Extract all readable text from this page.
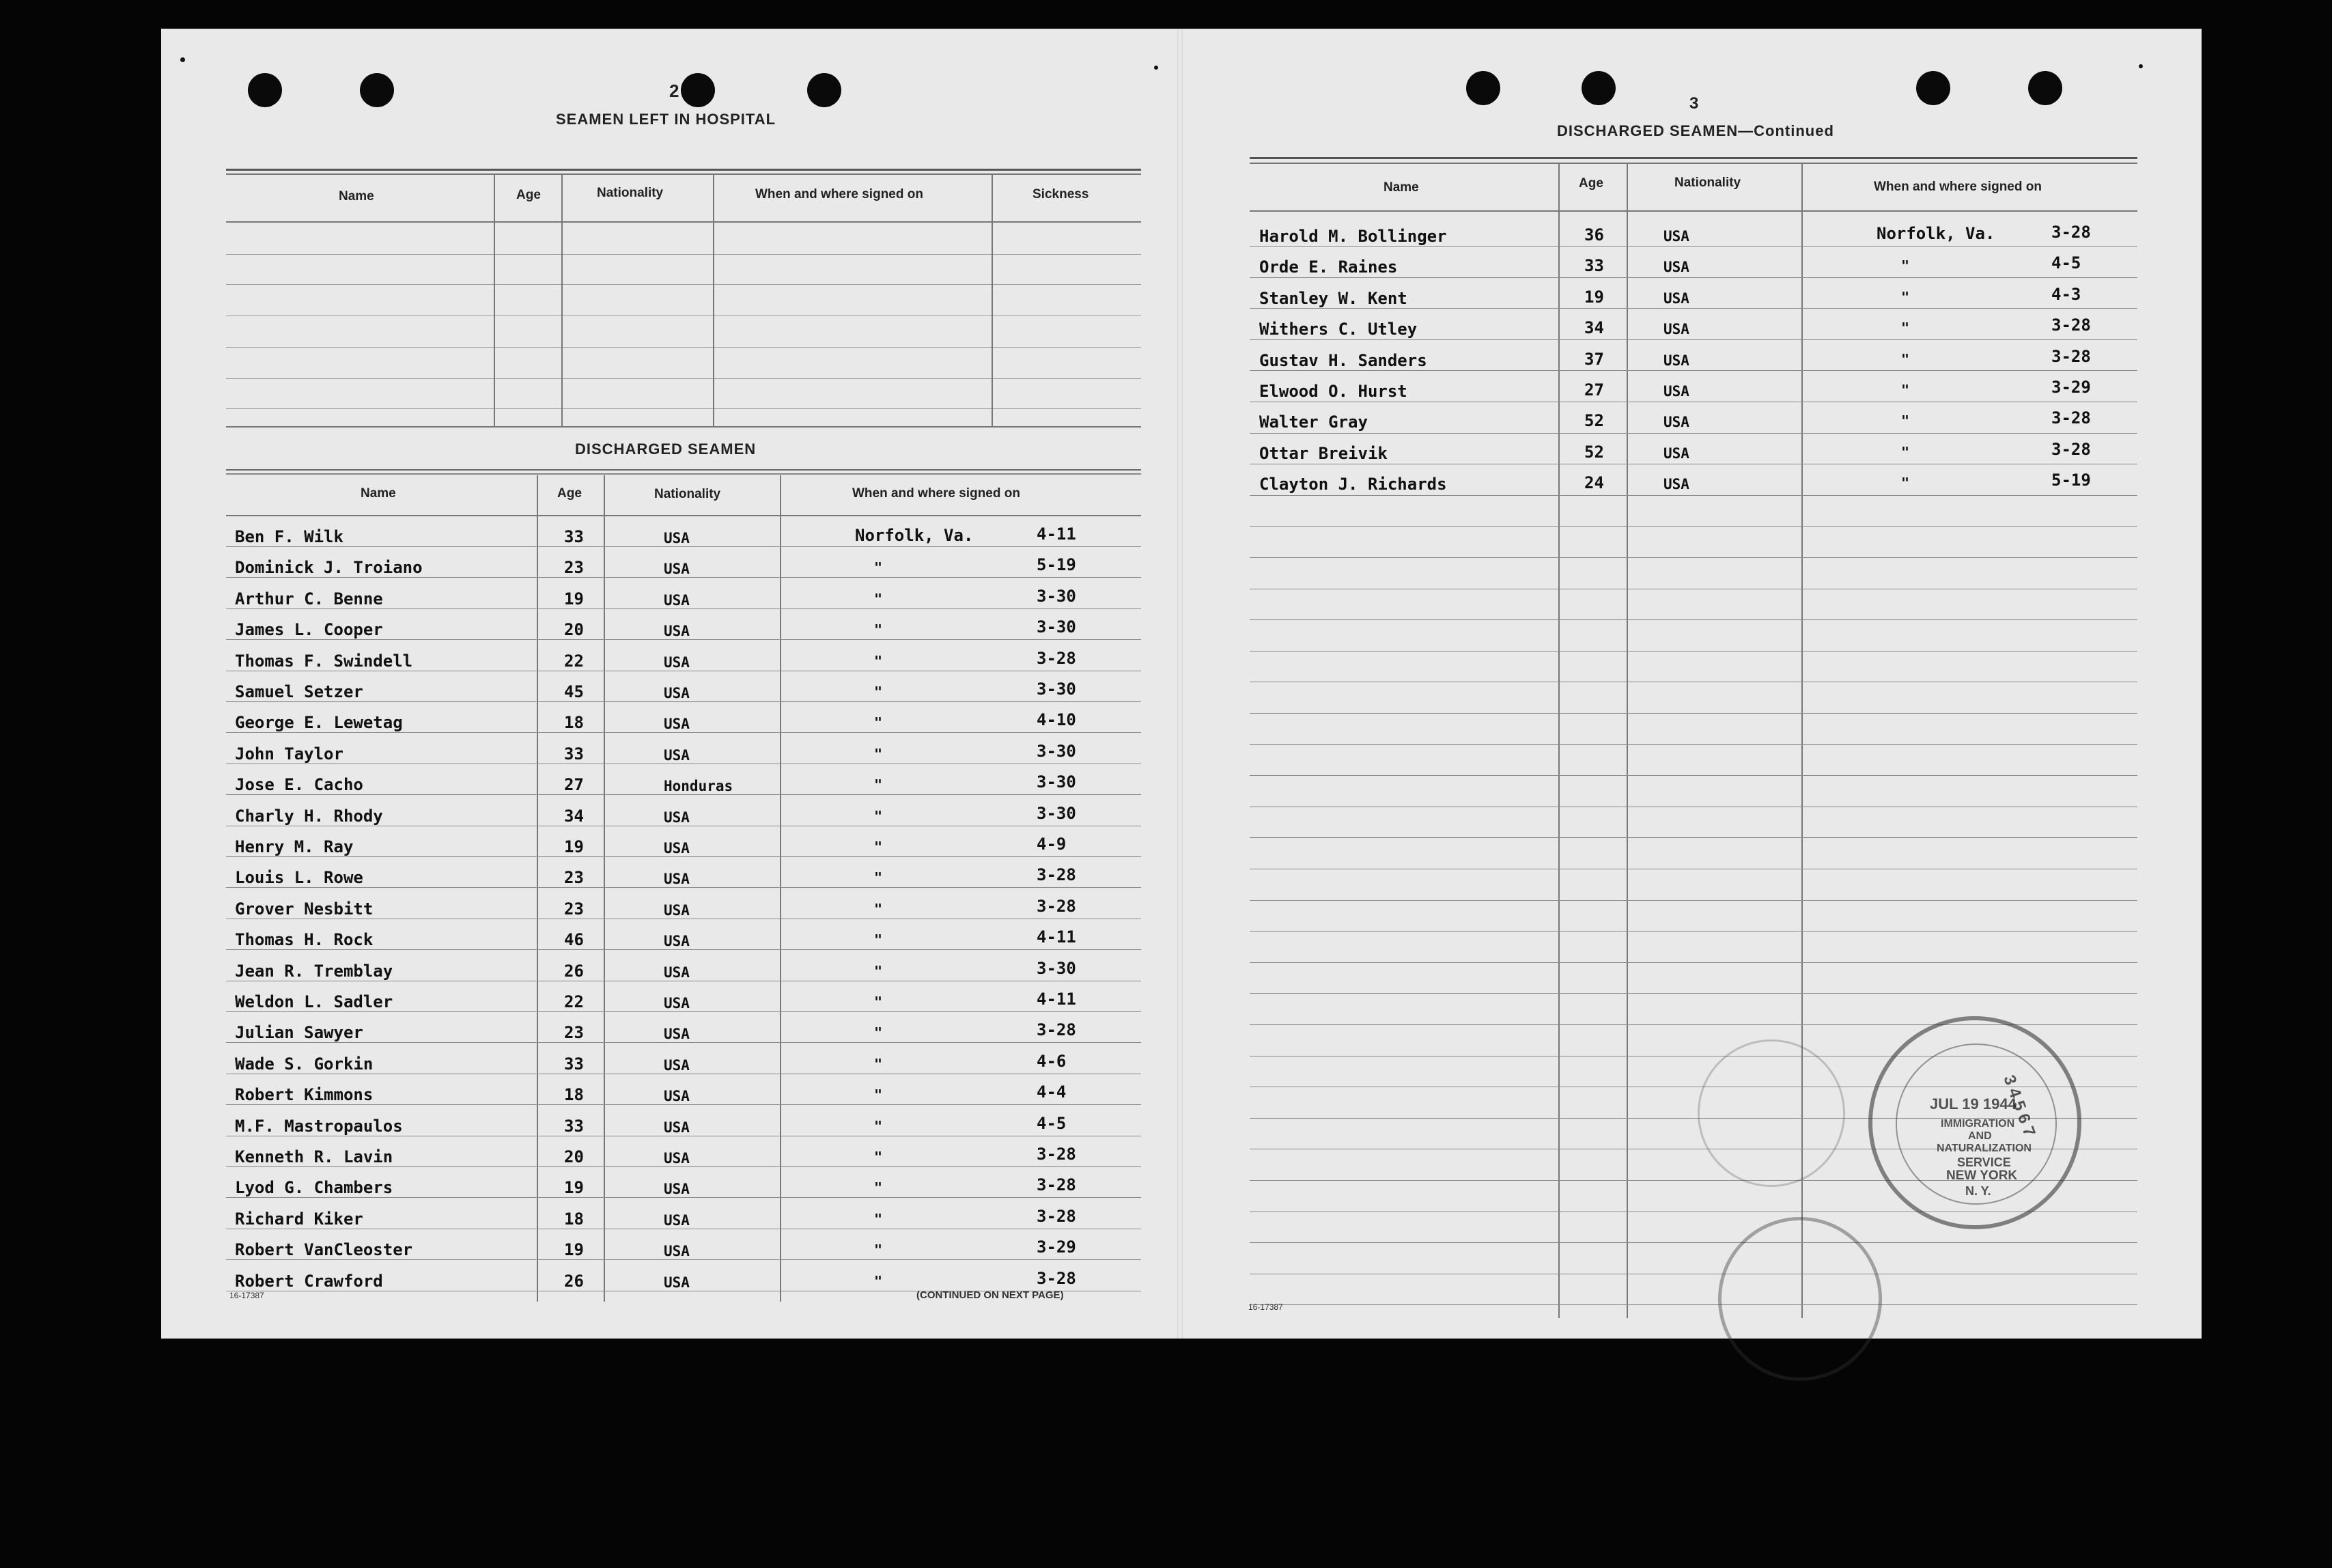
2
SEAMEN LEFT IN HOSPITAL
Name	Age	Nationality	When and where signed on	Sickness
DISCHARGED SEAMEN
Name	Age	Nationality	When and where signed on
Ben F. Wilk	33	USA	Norfolk, Va.	4-11
Dominick J. Troiano	23	USA	"	5-19
Arthur C. Benne	19	USA	"	3-30
James L. Cooper	20	USA	"	3-30
Thomas F. Swindell	22	USA	"	3-28
Samuel Setzer	45	USA	"	3-30
George E. Lewetag	18	USA	"	4-10
John Taylor	33	USA	"	3-30
Jose E. Cacho	27	Honduras	"	3-30
Charly H. Rhody	34	USA	"	3-30
Henry M. Ray	19	USA	"	4-9
Louis L. Rowe	23	USA	"	3-28
Grover Nesbitt	23	USA	"	3-28
Thomas H. Rock	46	USA	"	4-11
Jean R. Tremblay	26	USA	"	3-30
Weldon L. Sadler	22	USA	"	4-11
Julian Sawyer	23	USA	"	3-28
Wade S. Gorkin	33	USA	"	4-6
Robert Kimmons	18	USA	"	4-4
M.F. Mastropaulos	33	USA	"	4-5
Kenneth R. Lavin	20	USA	"	3-28
Lyod G. Chambers	19	USA	"	3-28
Richard Kiker	18	USA	"	3-28
Robert VanCleoster	19	USA	"	3-29
Robert Crawford	26	USA	"	3-28
16-17387	(CONTINUED ON NEXT PAGE)
3
DISCHARGED SEAMEN—Continued
Name	Age	Nationality	When and where signed on
Harold M. Bollinger	36	USA	Norfolk, Va.	3-28
Orde E. Raines	33	USA	"	4-5
Stanley W. Kent	19	USA	"	4-3
Withers C. Utley	34	USA	"	3-28
Gustav H. Sanders	37	USA	"	3-28
Elwood O. Hurst	27	USA	"	3-29
Walter Gray	52	USA	"	3-28
Ottar Breivik	52	USA	"	3-28
Clayton J. Richards	24	USA	"	5-19
16-17387
JUL 19 1944
IMMIGRATION
AND
NATURALIZATION
SERVICE
NEW YORK
N. Y.
3 4 5 6 7
